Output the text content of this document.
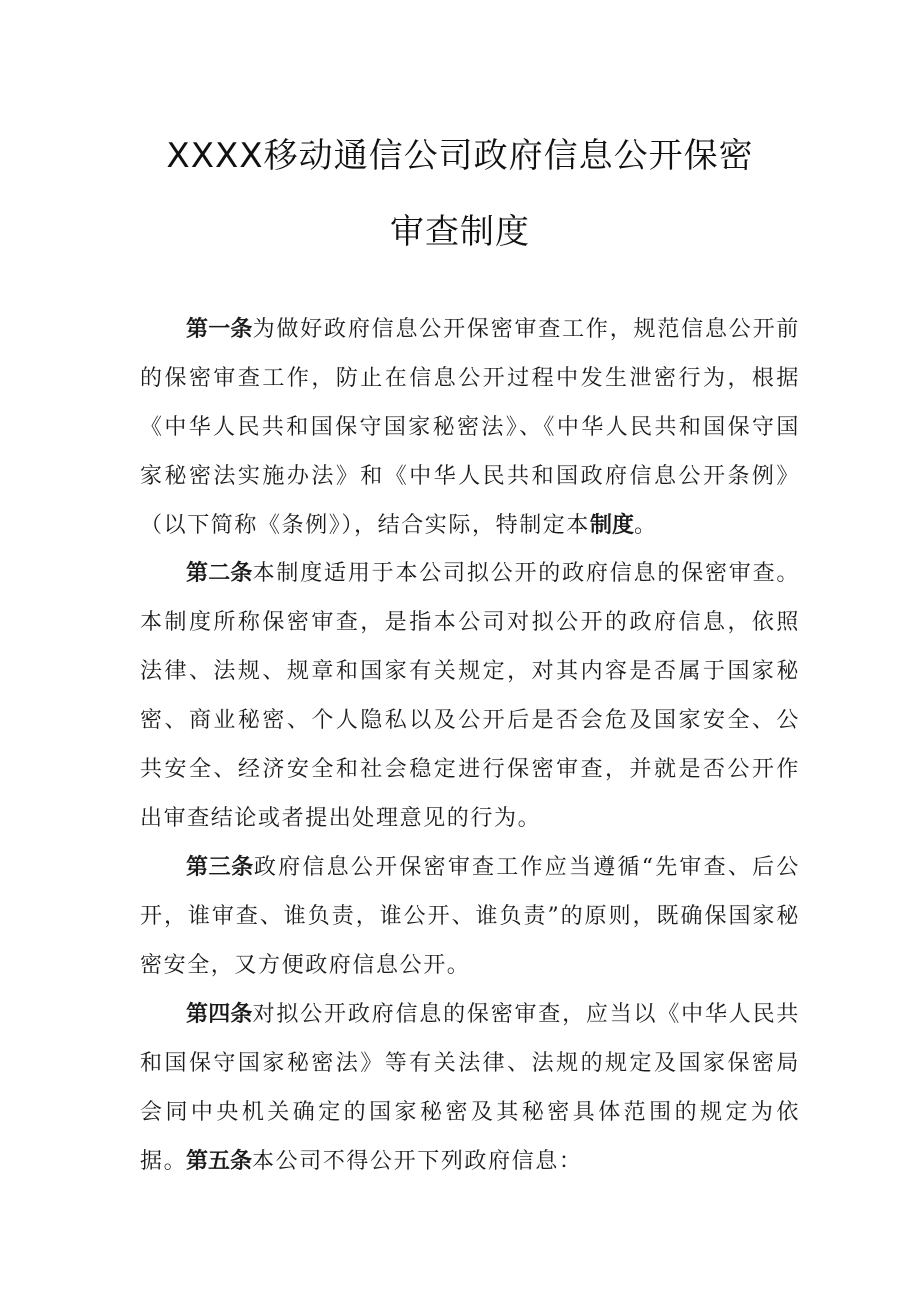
XXXX移动通信公司政府信息公开保密
审查制度

第一条为做好政府信息公开保密审查工作，规范信息公开前的保密审查工作，防止在信息公开过程中发生泄密行为，根据《中华人民共和国保守国家秘密法》、《中华人民共和国保守国家秘密法实施办法》和《中华人民共和国政府信息公开条例》（以下简称《条例》），结合实际，特制定本制度。

第二条本制度适用于本公司拟公开的政府信息的保密审查。本制度所称保密审查，是指本公司对拟公开的政府信息，依照法律、法规、规章和国家有关规定，对其内容是否属于国家秘密、商业秘密、个人隐私以及公开后是否会危及国家安全、公共安全、经济安全和社会稳定进行保密审查，并就是否公开作出审查结论或者提出处理意见的行为。

第三条政府信息公开保密审查工作应当遵循“先审查、后公开，谁审查、谁负责，谁公开、谁负责”的原则，既确保国家秘密安全，又方便政府信息公开。

第四条对拟公开政府信息的保密审查，应当以《中华人民共和国保守国家秘密法》等有关法律、法规的规定及国家保密局会同中央机关确定的国家秘密及其秘密具体范围的规定为依据。

第五条本公司不得公开下列政府信息：
